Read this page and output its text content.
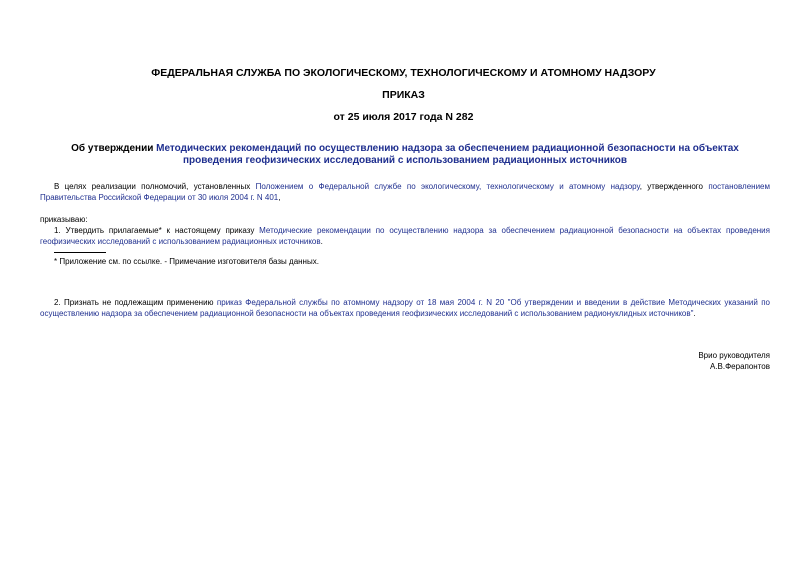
ФЕДЕРАЛЬНАЯ СЛУЖБА ПО ЭКОЛОГИЧЕСКОМУ, ТЕХНОЛОГИЧЕСКОМУ И АТОМНОМУ НАДЗОРУ
ПРИКАЗ
от 25 июля 2017 года N 282
Об утверждении Методических рекомендаций по осуществлению надзора за обеспечением радиационной безопасности на объектах проведения геофизических исследований с использованием радиационных источников
В целях реализации полномочий, установленных Положением о Федеральной службе по экологическому, технологическому и атомному надзору, утвержденного постановлением Правительства Российской Федерации от 30 июля 2004 г. N 401,
приказываю:
1. Утвердить прилагаемые* к настоящему приказу Методические рекомендации по осуществлению надзора за обеспечением радиационной безопасности на объектах проведения геофизических исследований с использованием радиационных источников.
* Приложение см. по ссылке. - Примечание изготовителя базы данных.
2. Признать не подлежащим применению приказ Федеральной службы по атомному надзору от 18 мая 2004 г. N 20 "Об утверждении и введении в действие Методических указаний по осуществлению надзора за обеспечением радиационной безопасности на объектах проведения геофизических исследований с использованием радионуклидных источников".
Врио руководителя
А.В.Ферапонтов
